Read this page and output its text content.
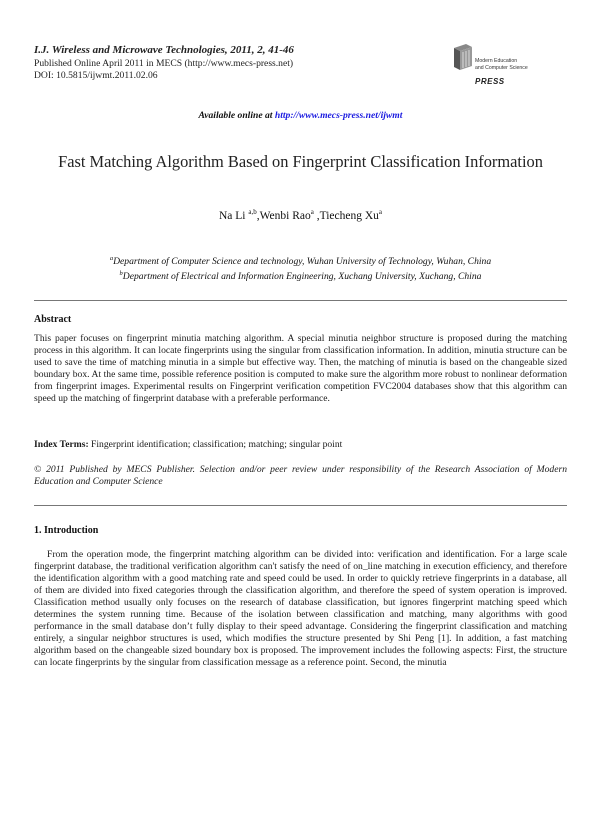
I.J. Wireless and Microwave Technologies, 2011, 2, 41-46
Published Online April 2011 in MECS (http://www.mecs-press.net)
DOI: 10.5815/ijwmt.2011.02.06
Modern Education
and Computer Science
PRESS
Available online at http://www.mecs-press.net/ijwmt
Fast Matching Algorithm Based on Fingerprint Classification Information
Na Li $^{a,b}$,Wenbi Rao$^a$ ,Tiecheng Xu$^a$
$^a$Department of Computer Science and technology, Wuhan University of Technology, Wuhan, China
$^b$Department of Electrical and Information Engineering, Xuchang University, Xuchang, China
Abstract
This paper focuses on fingerprint minutia matching algorithm. A special minutia neighbor structure is proposed during the matching process in this algorithm. It can locate fingerprints using the singular from classification information. In addition, minutia structure can be used to save the time of matching minutia in a simple but effective way. Then, the matching of minutia is based on the changeable sized boundary box. At the same time, possible reference position is computed to make sure the algorithm more robust to nonlinear deformation from fingerprint images. Experimental results on Fingerprint verification competition FVC2004 databases show that this algorithm can speed up the matching of fingerprint database with a preferable performance.
Index Terms: Fingerprint identification; classification; matching; singular point
© 2011 Published by MECS Publisher. Selection and/or peer review under responsibility of the Research Association of Modern Education and Computer Science
1. Introduction
From the operation mode, the fingerprint matching algorithm can be divided into: verification and identification. For a large scale fingerprint database, the traditional verification algorithm can't satisfy the need of on_line matching in execution efficiency, and therefore the identification algorithm with a good matching rate and speed could be used. In order to quickly retrieve fingerprints in a database, all of them are divided into fixed categories through the classification algorithm, and therefore the speed of system operation is improved. Classification method usually only focuses on the research of database classification, but ignores fingerprint matching speed which determines the system running time. Because of the isolation between classification and matching, many algorithms with good performance in the small database don’t fully display to their speed advantage. Considering the fingerprint classification and matching entirely, a singular neighbor structures is used, which modifies the structure presented by Shi Peng [1]. In addition, a fast matching algorithm based on the changeable sized boundary box is proposed. The improvement includes the following aspects: First, the structure can locate fingerprints by the singular from classification message as a reference point. Second, the minutia
